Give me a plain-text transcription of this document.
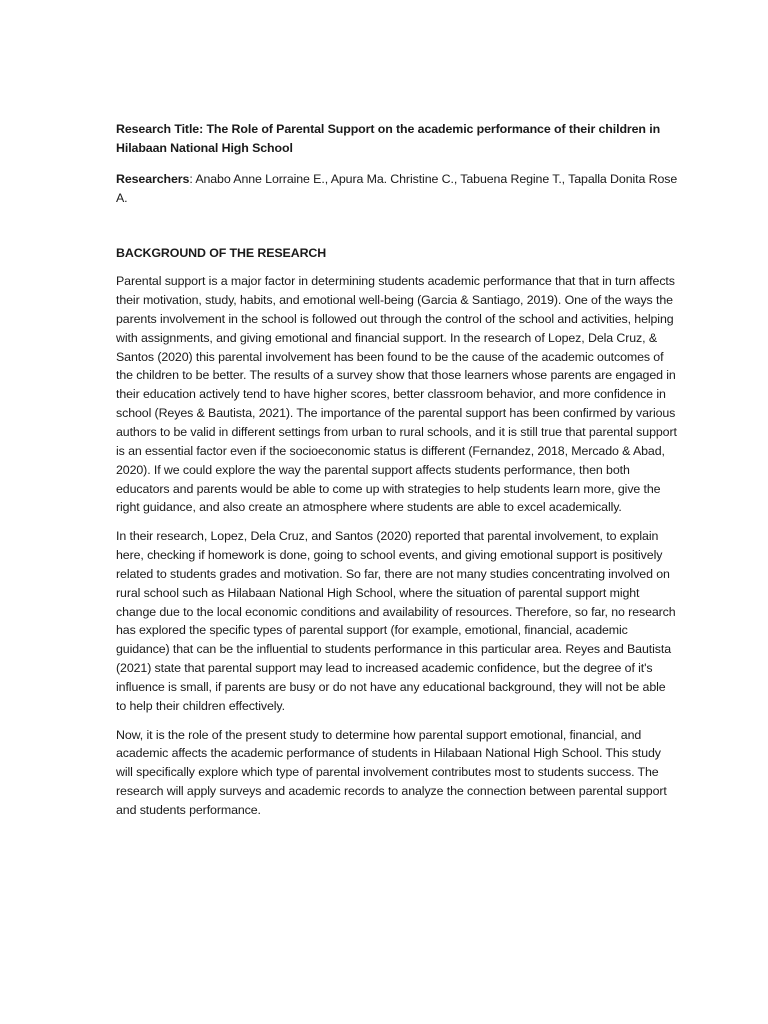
Research Title: The Role of Parental Support on the academic performance of their children in Hilabaan National High School

Researchers: Anabo Anne Lorraine E., Apura Ma. Christine C., Tabuena Regine T., Tapalla Donita Rose A.

BACKGROUND OF THE RESEARCH

Parental support is a major factor in determining students academic performance that that in turn affects their motivation, study, habits, and emotional well-being (Garcia & Santiago, 2019). One of the ways the parents involvement in the school is followed out through the control of the school and activities, helping with assignments, and giving emotional and financial support. In the research of Lopez, Dela Cruz, & Santos (2020) this parental involvement has been found to be the cause of the academic outcomes of the children to be better. The results of a survey show that those learners whose parents are engaged in their education actively tend to have higher scores, better classroom behavior, and more confidence in school (Reyes & Bautista, 2021). The importance of the parental support has been confirmed by various authors to be valid in different settings from urban to rural schools, and it is still true that parental support is an essential factor even if the socioeconomic status is different (Fernandez, 2018, Mercado & Abad, 2020). If we could explore the way the parental support affects students performance, then both educators and parents would be able to come up with strategies to help students learn more, give the right guidance, and also create an atmosphere where students are able to excel academically.

In their research, Lopez, Dela Cruz, and Santos (2020) reported that parental involvement, to explain here, checking if homework is done, going to school events, and giving emotional support is positively related to students grades and motivation. So far, there are not many studies concentrating involved on rural school such as Hilabaan National High School, where the situation of parental support might change due to the local economic conditions and availability of resources. Therefore, so far, no research has explored the specific types of parental support (for example, emotional, financial, academic guidance) that can be the influential to students performance in this particular area. Reyes and Bautista (2021) state that parental support may lead to increased academic confidence, but the degree of it's influence is small, if parents are busy or do not have any educational background, they will not be able to help their children effectively.

Now, it is the role of the present study to determine how parental support emotional, financial, and academic affects the academic performance of students in Hilabaan National High School. This study will specifically explore which type of parental involvement contributes most to students success. The research will apply surveys and academic records to analyze the connection between parental support and students performance.
